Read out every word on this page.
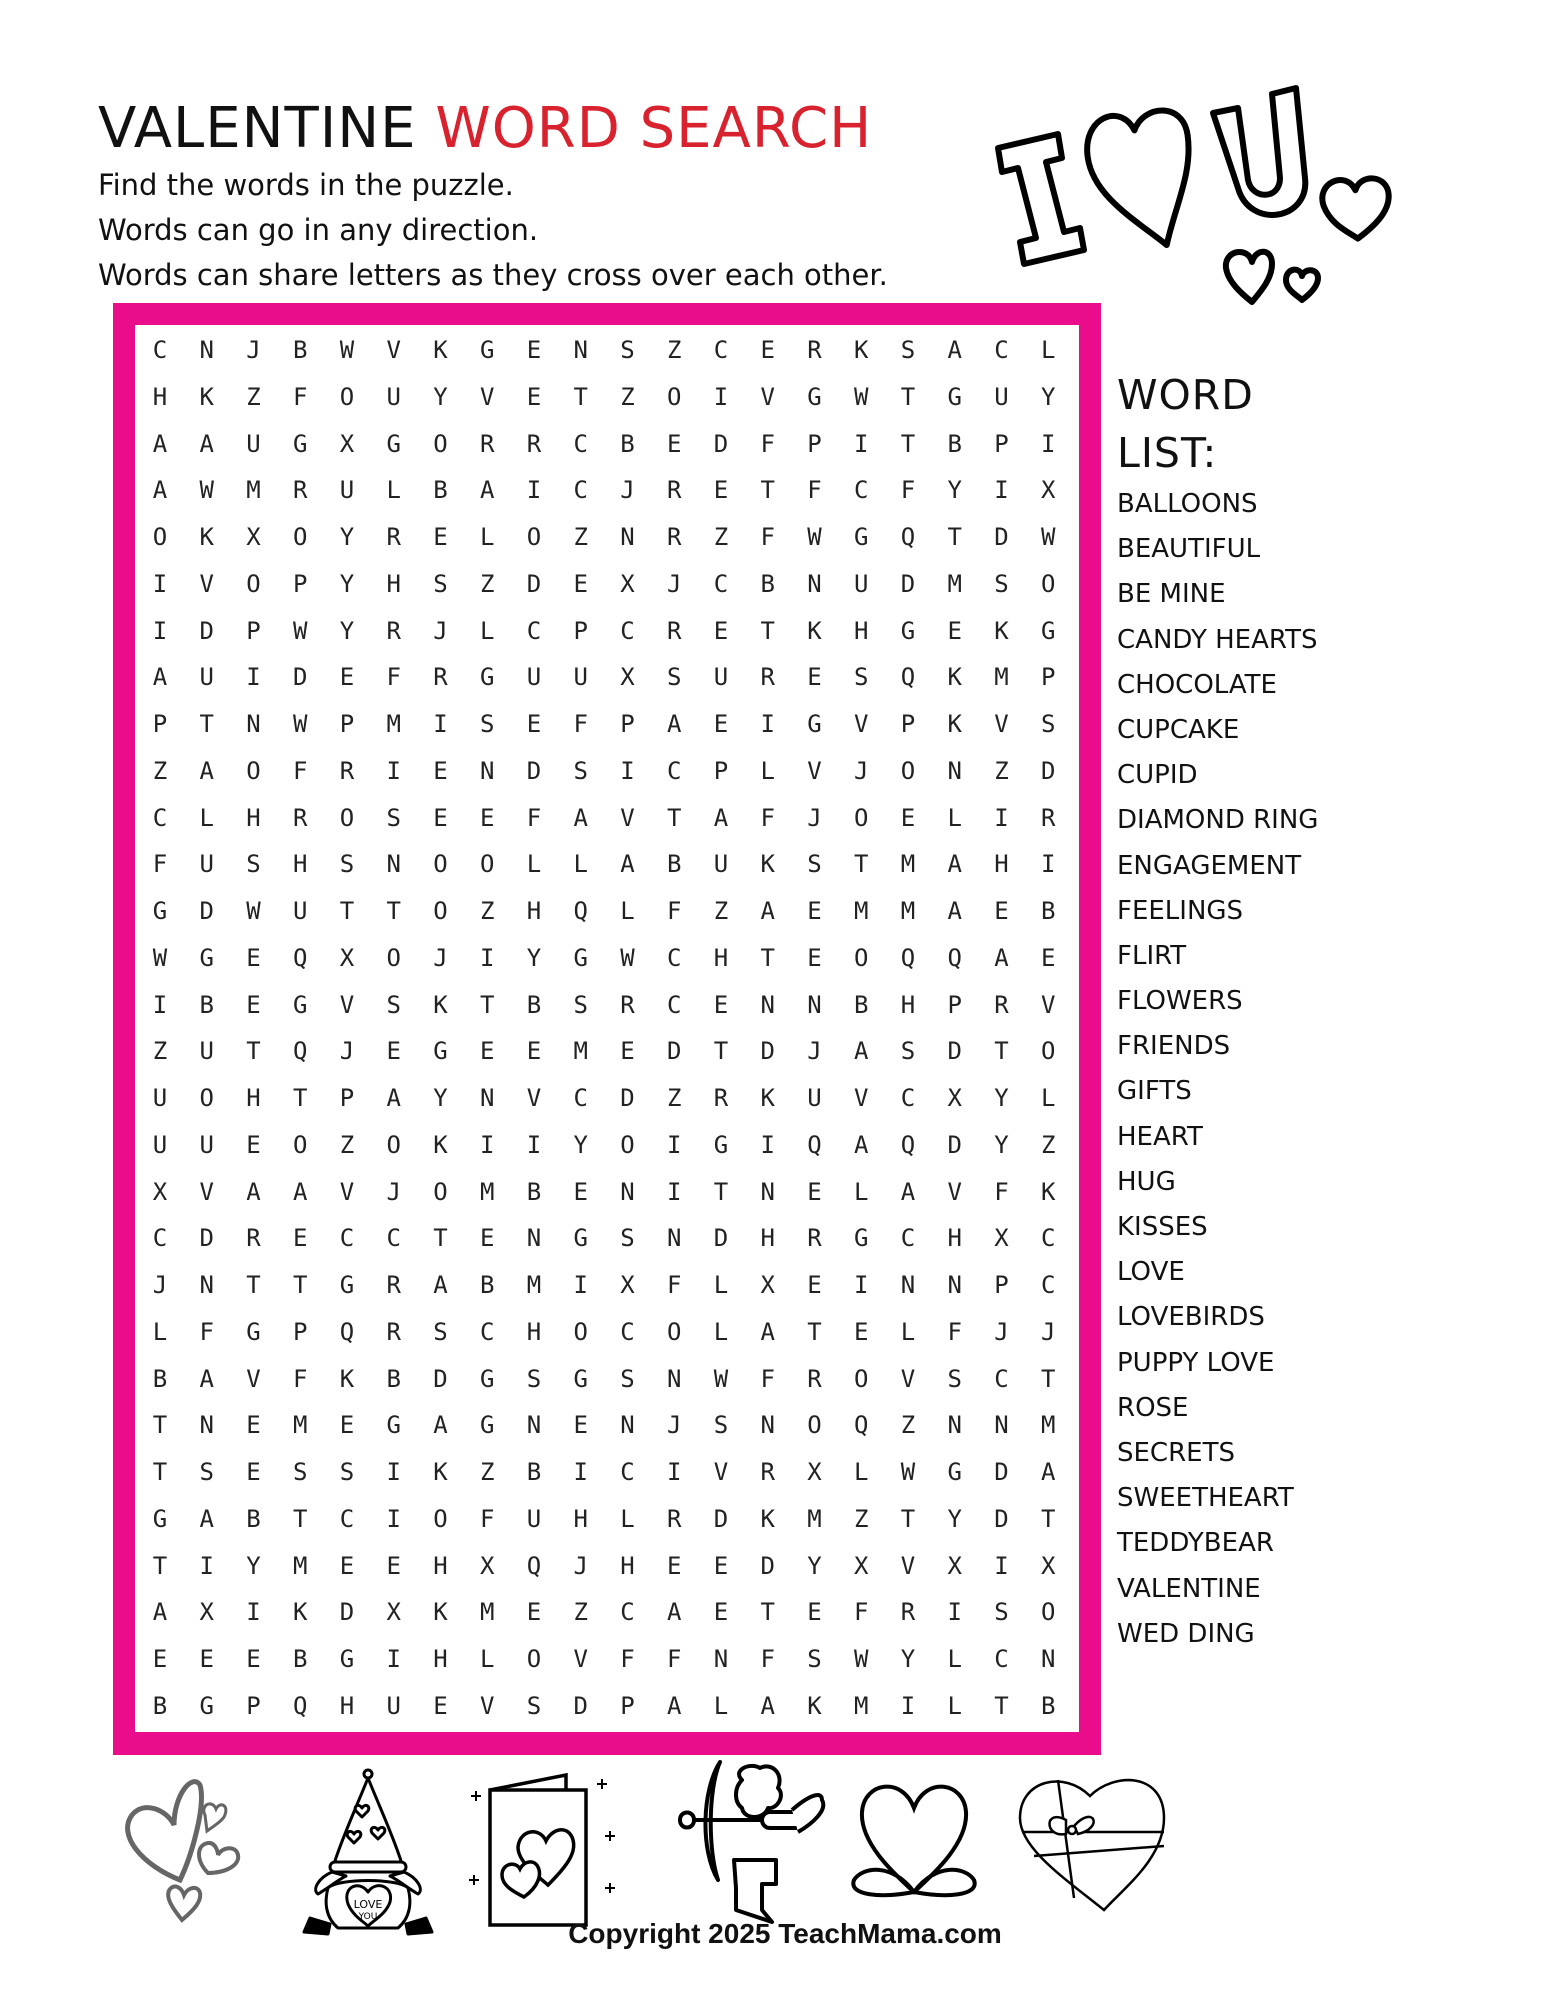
VALENTINE WORD SEARCH
Find the words in the puzzle.
Words can go in any direction.
Words can share letters as they cross over each other.
C	N	J	B	W	V	K	G	E	N	S	Z	C	E	R	K	S	A	C	L
H	K	Z	F	O	U	Y	V	E	T	Z	O	I	V	G	W	T	G	U	Y
A	A	U	G	X	G	O	R	R	C	B	E	D	F	P	I	T	B	P	I
A	W	M	R	U	L	B	A	I	C	J	R	E	T	F	C	F	Y	I	X
O	K	X	O	Y	R	E	L	O	Z	N	R	Z	F	W	G	Q	T	D	W
I	V	O	P	Y	H	S	Z	D	E	X	J	C	B	N	U	D	M	S	O
I	D	P	W	Y	R	J	L	C	P	C	R	E	T	K	H	G	E	K	G
A	U	I	D	E	F	R	G	U	U	X	S	U	R	E	S	Q	K	M	P
P	T	N	W	P	M	I	S	E	F	P	A	E	I	G	V	P	K	V	S
Z	A	O	F	R	I	E	N	D	S	I	C	P	L	V	J	O	N	Z	D
C	L	H	R	O	S	E	E	F	A	V	T	A	F	J	O	E	L	I	R
F	U	S	H	S	N	O	O	L	L	A	B	U	K	S	T	M	A	H	I
G	D	W	U	T	T	O	Z	H	Q	L	F	Z	A	E	M	M	A	E	B
W	G	E	Q	X	O	J	I	Y	G	W	C	H	T	E	O	Q	Q	A	E
I	B	E	G	V	S	K	T	B	S	R	C	E	N	N	B	H	P	R	V
Z	U	T	Q	J	E	G	E	E	M	E	D	T	D	J	A	S	D	T	O
U	O	H	T	P	A	Y	N	V	C	D	Z	R	K	U	V	C	X	Y	L
U	U	E	O	Z	O	K	I	I	Y	O	I	G	I	Q	A	Q	D	Y	Z
X	V	A	A	V	J	O	M	B	E	N	I	T	N	E	L	A	V	F	K
C	D	R	E	C	C	T	E	N	G	S	N	D	H	R	G	C	H	X	C
J	N	T	T	G	R	A	B	M	I	X	F	L	X	E	I	N	N	P	C
L	F	G	P	Q	R	S	C	H	O	C	O	L	A	T	E	L	F	J	J
B	A	V	F	K	B	D	G	S	G	S	N	W	F	R	O	V	S	C	T
T	N	E	M	E	G	A	G	N	E	N	J	S	N	O	Q	Z	N	N	M
T	S	E	S	S	I	K	Z	B	I	C	I	V	R	X	L	W	G	D	A
G	A	B	T	C	I	O	F	U	H	L	R	D	K	M	Z	T	Y	D	T
T	I	Y	M	E	E	H	X	Q	J	H	E	E	D	Y	X	V	X	I	X
A	X	I	K	D	X	K	M	E	Z	C	A	E	T	E	F	R	I	S	O
E	E	E	B	G	I	H	L	O	V	F	F	N	F	S	W	Y	L	C	N
B	G	P	Q	H	U	E	V	S	D	P	A	L	A	K	M	I	L	T	B
WORD
LIST:
BALLOONS
BEAUTIFUL
BE MINE
CANDY HEARTS
CHOCOLATE
CUPCAKE
CUPID
DIAMOND RING
ENGAGEMENT
FEELINGS
FLIRT
FLOWERS
FRIENDS
GIFTS
HEART
HUG
KISSES
LOVE
LOVEBIRDS
PUPPY LOVE
ROSE
SECRETS
SWEETHEART
TEDDYBEAR
VALENTINE
WED DING
LOVE
YOU
Copyright 2025 TeachMama.com
